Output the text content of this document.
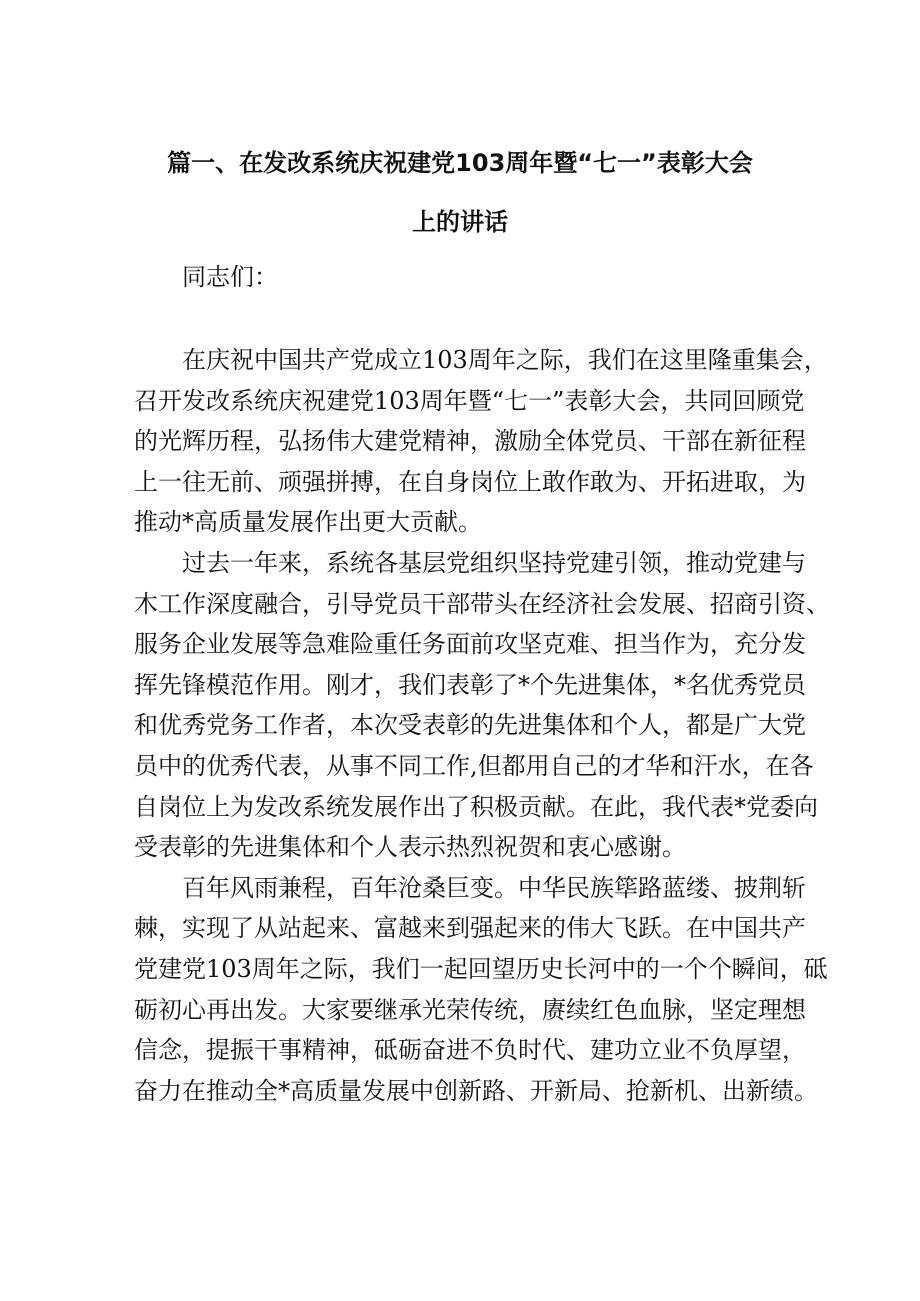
篇一、在发改系统庆祝建党103周年暨“七一”表彰大会
上的讲话
同志们：
在庆祝中国共产党成立103周年之际，我们在这里隆重集会，
召开发改系统庆祝建党103周年暨“七一”表彰大会，共同回顾党
的光辉历程，弘扬伟大建党精神，激励全体党员、干部在新征程
上一往无前、顽强拼搏，在自身岗位上敢作敢为、开拓进取，为
推动*高质量发展作出更大贡献。
过去一年来，系统各基层党组织坚持党建引领，推动党建与
木工作深度融合，引导党员干部带头在经济社会发展、招商引资、
服务企业发展等急难险重任务面前攻坚克难、担当作为，充分发
挥先锋模范作用。刚才，我们表彰了*个先进集体，*名优秀党员
和优秀党务工作者，本次受表彰的先进集体和个人，都是广大党
员中的优秀代表，从事不同工作,但都用自己的才华和汗水，在各
自岗位上为发改系统发展作出了积极贡献。在此，我代表*党委向
受表彰的先进集体和个人表示热烈祝贺和衷心感谢。
百年风雨兼程，百年沧桑巨变。中华民族筚路蓝缕、披荆斩
棘，实现了从站起来、富越来到强起来的伟大飞跃。在中国共产
党建党103周年之际，我们一起回望历史长河中的一个个瞬间，砥
砺初心再出发。大家要继承光荣传统，赓续红色血脉，坚定理想
信念，提振干事精神，砥砺奋进不负时代、建功立业不负厚望，
奋力在推动全*高质量发展中创新路、开新局、抢新机、出新绩。
